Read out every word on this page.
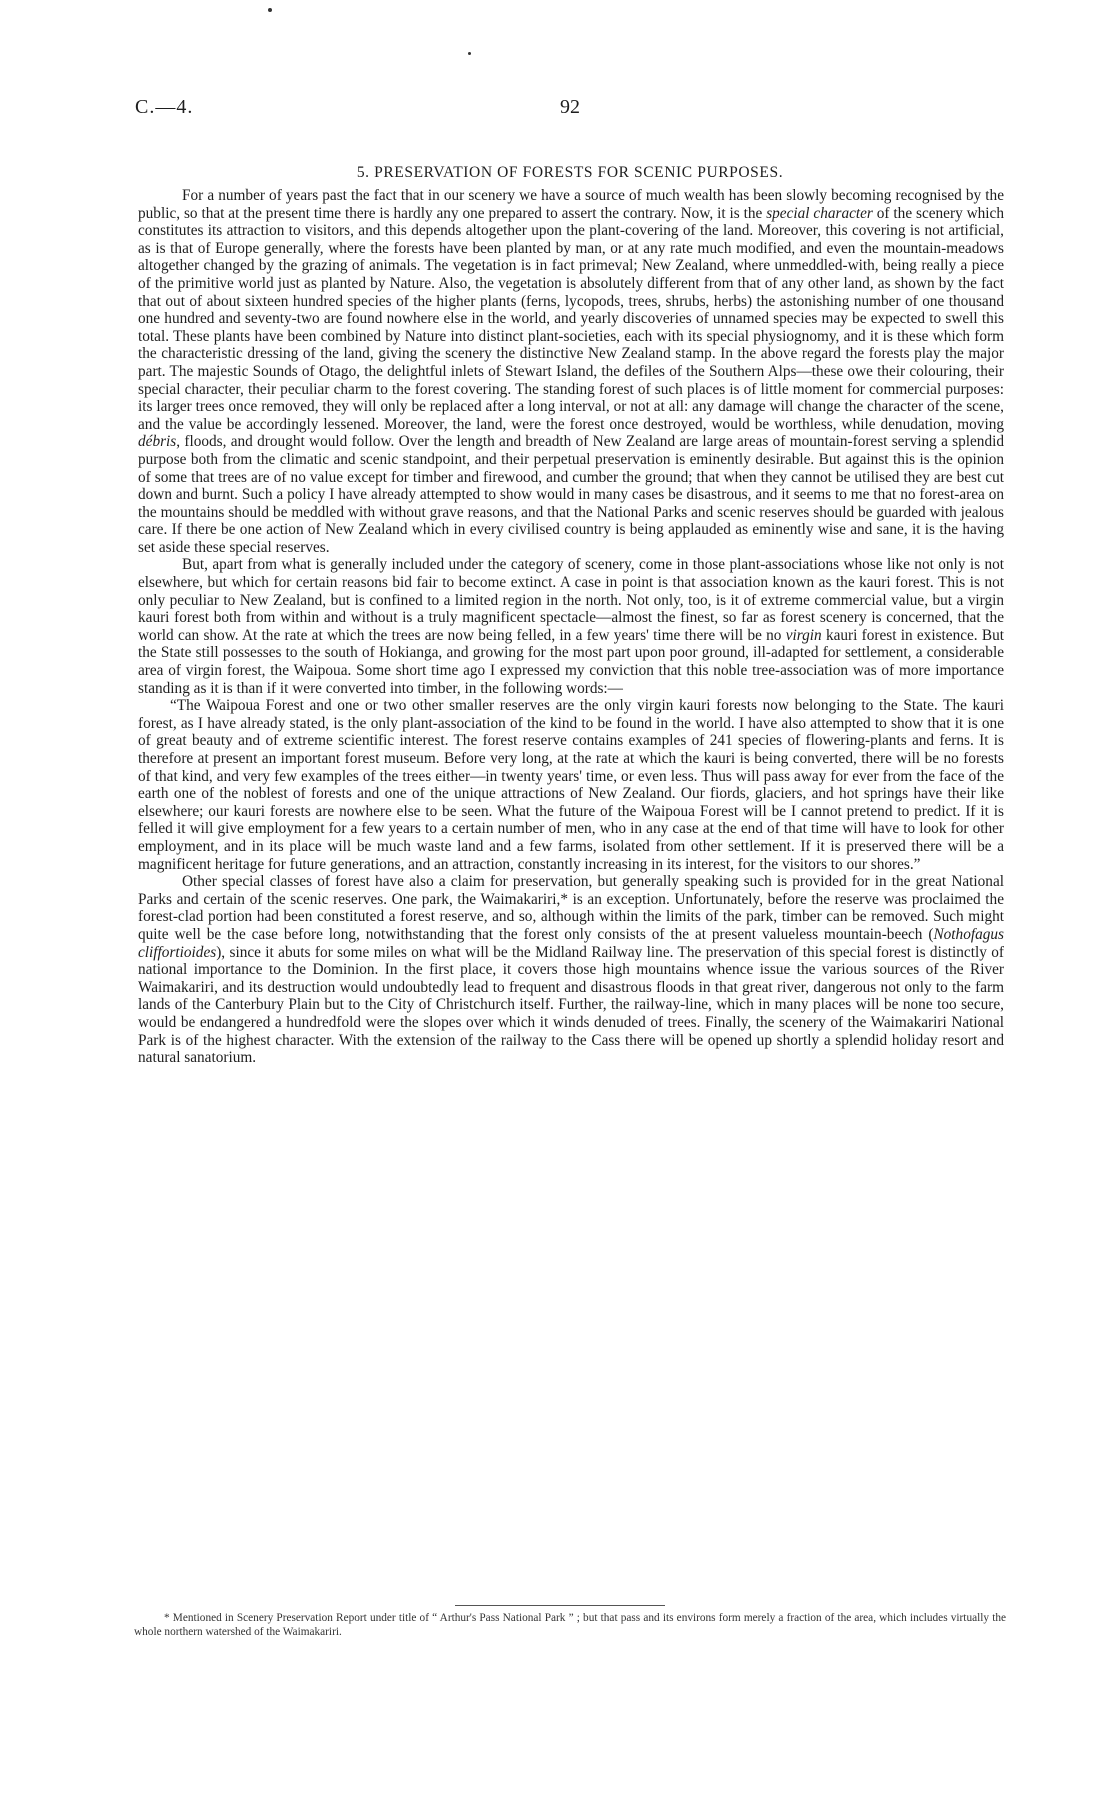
C.—4.	92
5. PRESERVATION OF FORESTS FOR SCENIC PURPOSES.

For a number of years past the fact that in our scenery we have a source of much wealth has been slowly becoming recognised by the public, so that at the present time there is hardly any one prepared to assert the contrary. Now, it is the special character of the scenery which constitutes its attraction to visitors, and this depends altogether upon the plant-covering of the land. Moreover, this covering is not artificial, as is that of Europe generally, where the forests have been planted by man, or at any rate much modified, and even the mountain-meadows altogether changed by the grazing of animals. The vegetation is in fact primeval; New Zealand, where unmeddled-with, being really a piece of the primitive world just as planted by Nature. Also, the vegetation is absolutely different from that of any other land, as shown by the fact that out of about sixteen hundred species of the higher plants (ferns, lycopods, trees, shrubs, herbs) the astonishing number of one thousand one hundred and seventy-two are found nowhere else in the world, and yearly discoveries of unnamed species may be expected to swell this total. These plants have been combined by Nature into distinct plant-societies, each with its special physiognomy, and it is these which form the characteristic dressing of the land, giving the scenery the distinctive New Zealand stamp. In the above regard the forests play the major part. The majestic Sounds of Otago, the delightful inlets of Stewart Island, the defiles of the Southern Alps—these owe their colouring, their special character, their peculiar charm to the forest covering. The standing forest of such places is of little moment for commercial purposes: its larger trees once removed, they will only be replaced after a long interval, or not at all: any damage will change the character of the scene, and the value be accordingly lessened. Moreover, the land, were the forest once destroyed, would be worthless, while denudation, moving débris, floods, and drought would follow. Over the length and breadth of New Zealand are large areas of mountain-forest serving a splendid purpose both from the climatic and scenic standpoint, and their perpetual preservation is eminently desirable. But against this is the opinion of some that trees are of no value except for timber and firewood, and cumber the ground; that when they cannot be utilised they are best cut down and burnt. Such a policy I have already attempted to show would in many cases be disastrous, and it seems to me that no forest-area on the mountains should be meddled with without grave reasons, and that the National Parks and scenic reserves should be guarded with jealous care. If there be one action of New Zealand which in every civilised country is being applauded as eminently wise and sane, it is the having set aside these special reserves.

But, apart from what is generally included under the category of scenery, come in those plant-associations whose like not only is not elsewhere, but which for certain reasons bid fair to become extinct. A case in point is that association known as the kauri forest. This is not only peculiar to New Zealand, but is confined to a limited region in the north. Not only, too, is it of extreme commercial value, but a virgin kauri forest both from within and without is a truly magnificent spectacle—almost the finest, so far as forest scenery is concerned, that the world can show. At the rate at which the trees are now being felled, in a few years' time there will be no virgin kauri forest in existence. But the State still possesses to the south of Hokianga, and growing for the most part upon poor ground, ill-adapted for settlement, a considerable area of virgin forest, the Waipoua. Some short time ago I expressed my conviction that this noble tree-association was of more importance standing as it is than if it were converted into timber, in the following words:—

“The Waipoua Forest and one or two other smaller reserves are the only virgin kauri forests now belonging to the State. The kauri forest, as I have already stated, is the only plant-association of the kind to be found in the world. I have also attempted to show that it is one of great beauty and of extreme scientific interest. The forest reserve contains examples of 241 species of flowering-plants and ferns. It is therefore at present an important forest museum. Before very long, at the rate at which the kauri is being converted, there will be no forests of that kind, and very few examples of the trees either—in twenty years' time, or even less. Thus will pass away for ever from the face of the earth one of the noblest of forests and one of the unique attractions of New Zealand. Our fiords, glaciers, and hot springs have their like elsewhere; our kauri forests are nowhere else to be seen. What the future of the Waipoua Forest will be I cannot pretend to predict. If it is felled it will give employment for a few years to a certain number of men, who in any case at the end of that time will have to look for other employment, and in its place will be much waste land and a few farms, isolated from other settlement. If it is preserved there will be a magnificent heritage for future generations, and an attraction, constantly increasing in its interest, for the visitors to our shores.”

Other special classes of forest have also a claim for preservation, but generally speaking such is provided for in the great National Parks and certain of the scenic reserves. One park, the Waimakariri,* is an exception. Unfortunately, before the reserve was proclaimed the forest-clad portion had been constituted a forest reserve, and so, although within the limits of the park, timber can be removed. Such might quite well be the case before long, notwithstanding that the forest only consists of the at present valueless mountain-beech (Nothofagus cliffortioides), since it abuts for some miles on what will be the Midland Railway line. The preservation of this special forest is distinctly of national importance to the Dominion. In the first place, it covers those high mountains whence issue the various sources of the River Waimakariri, and its destruction would undoubtedly lead to frequent and disastrous floods in that great river, dangerous not only to the farm lands of the Canterbury Plain but to the City of Christchurch itself. Further, the railway-line, which in many places will be none too secure, would be endangered a hundredfold were the slopes over which it winds denuded of trees. Finally, the scenery of the Waimakariri National Park is of the highest character. With the extension of the railway to the Cass there will be opened up shortly a splendid holiday resort and natural sanatorium.

* Mentioned in Scenery Preservation Report under title of “ Arthur's Pass National Park ” ; but that pass and its environs form merely a fraction of the area, which includes virtually the whole northern watershed of the Waimakariri.
